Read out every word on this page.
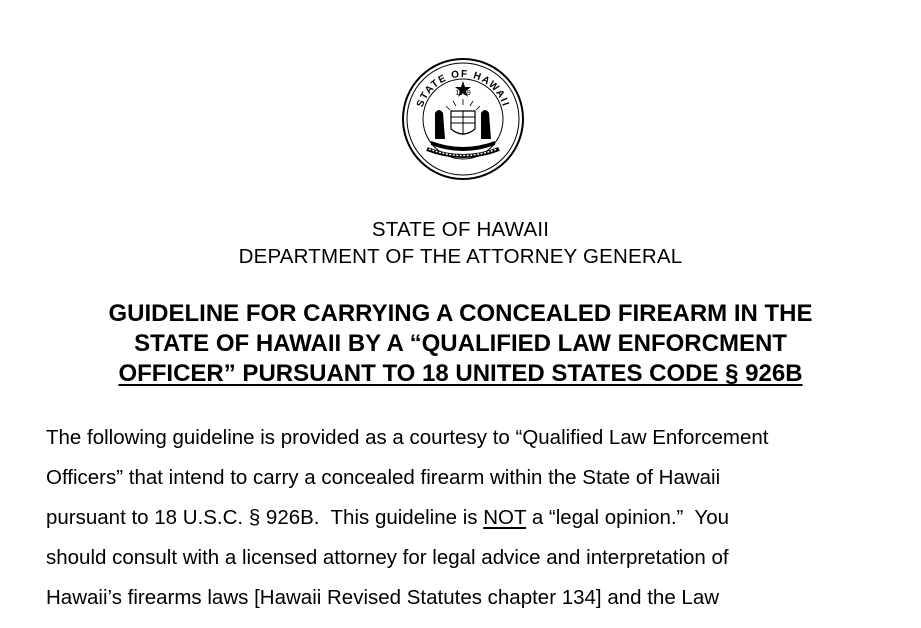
STATE OF HAWAII
1959
STATE OF HAWAII
DEPARTMENT OF THE ATTORNEY GENERAL
GUIDELINE FOR CARRYING A CONCEALED FIREARM IN THE
STATE OF HAWAII BY A “QUALIFIED LAW ENFORCMENT
OFFICER” PURSUANT TO 18 UNITED STATES CODE § 926B
The following guideline is provided as a courtesy to “Qualified Law Enforcement
Officers” that intend to carry a concealed firearm within the State of Hawaii
pursuant to 18 U.S.C. § 926B.  This guideline is NOT a “legal opinion.”  You
should consult with a licensed attorney for legal advice and interpretation of
Hawaii’s firearms laws [Hawaii Revised Statutes chapter 134] and the Law
